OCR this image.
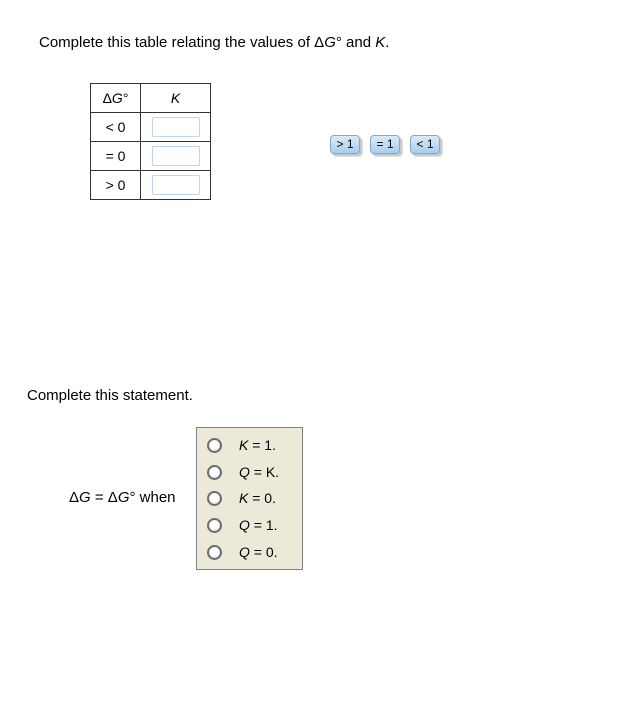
Complete this table relating the values of ΔG° and K.
ΔG°	K
< 0	
= 0	
> 0	
> 1	= 1	< 1
Complete this statement.
ΔG = ΔG° when
K = 1.
Q = K.
K = 0.
Q = 1.
Q = 0.
